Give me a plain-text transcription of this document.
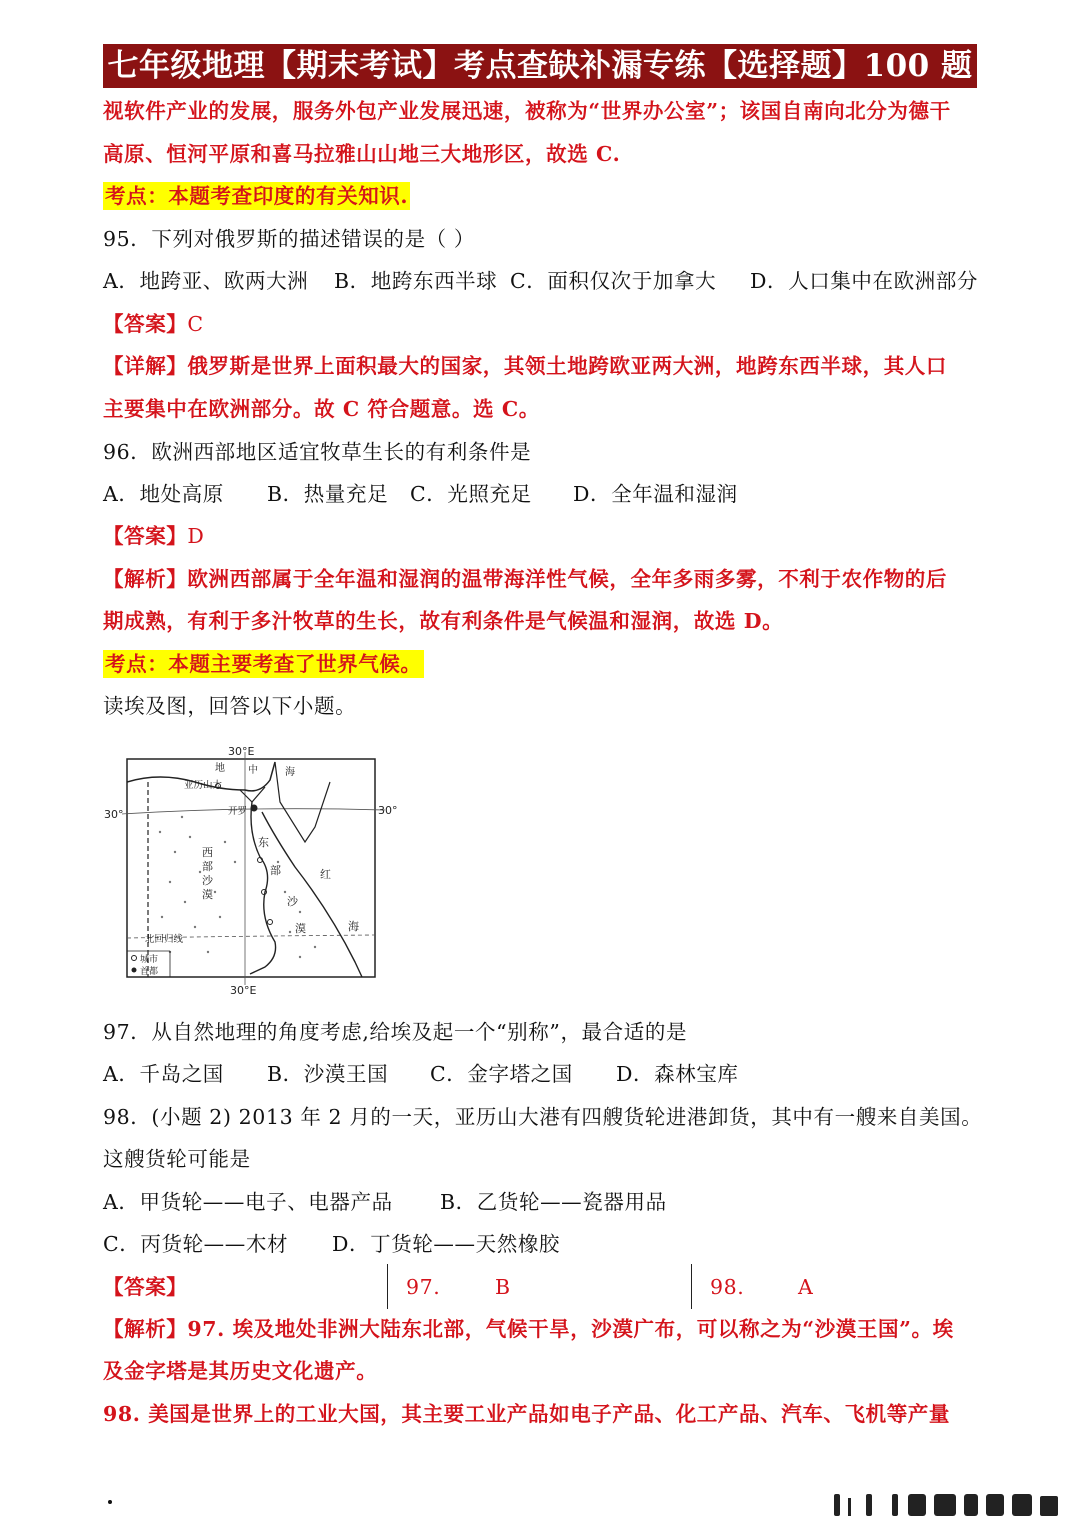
七年级地理【期末考试】考点查缺补漏专练【选择题】100 题
视软件产业的发展，服务外包产业发展迅速，被称为“世界办公室”；该国自南向北分为德干
高原、恒河平原和喜马拉雅山山地三大地形区，故选 C.
考点：本题考查印度的有关知识.
95．下列对俄罗斯的描述错误的是（ ）
A．地跨亚、欧两大洲 B．地跨东西半球 C．面积仅次于加拿大 D．人口集中在欧洲部分
【答案】C
【详解】俄罗斯是世界上面积最大的国家，其领土地跨欧亚两大洲，地跨东西半球，其人口
主要集中在欧洲部分。故 C 符合题意。选 C。
96．欧洲西部地区适宜牧草生长的有利条件是
A．地处高原 B．热量充足 C．光照充足 D．全年温和湿润
【答案】D
【解析】欧洲西部属于全年温和湿润的温带海洋性气候，全年多雨多雾，不利于农作物的后
期成熟，有利于多汁牧草的生长，故有利条件是气候温和湿润，故选 D。
考点：本题主要考查了世界气候。
读埃及图，回答以下小题。
30°E
30°E
30°	30°
地 中	海
亚历山大
开罗
西
部
沙
漠
东
部
沙
漠
红
海
北回归线
城市
首都
97．从自然地理的角度考虑,给埃及起一个“别称”，最合适的是
A．千岛之国 B．沙漠王国 C．金字塔之国 D．森林宝库
98．(小题 2) 2013 年 2 月的一天，亚历山大港有四艘货轮进港卸货，其中有一艘来自美国。
这艘货轮可能是
A．甲货轮——电子、电器产品 B．乙货轮——瓷器用品
C．丙货轮——木材 D．丁货轮——天然橡胶
【答案】	97.	B	98.	A
【解析】97. 埃及地处非洲大陆东北部，气候干旱，沙漠广布，可以称之为“沙漠王国”。埃
及金字塔是其历史文化遗产。
98. 美国是世界上的工业大国，其主要工业产品如电子产品、化工产品、汽车、飞机等产量
